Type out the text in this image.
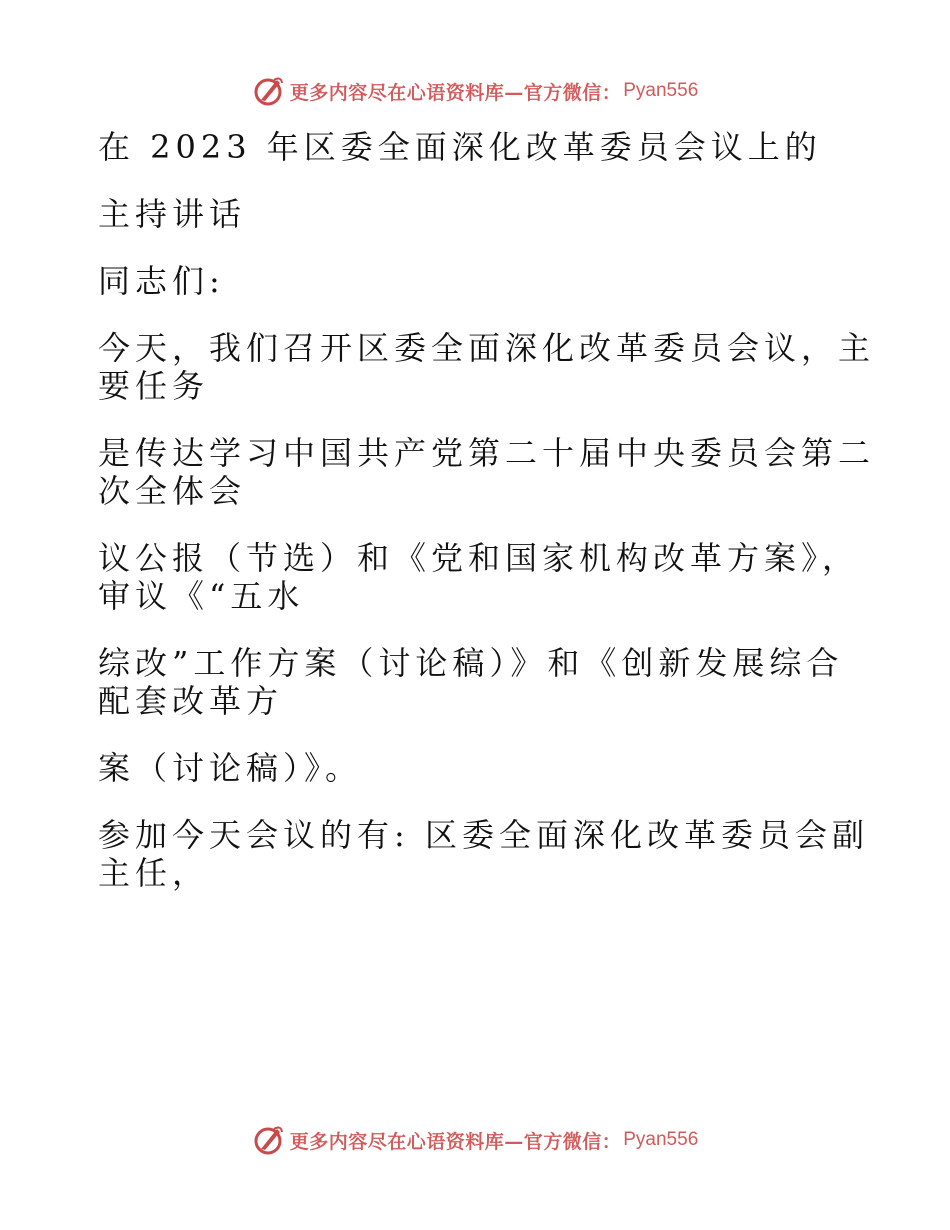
更多内容尽在心语资料库—官方微信： Pyan556

在 2023 年区委全面深化改革委员会议上的

主持讲话

同志们:

今天，我们召开区委全面深化改革委员会议，主
要任务
是传达学习中国共产党第二十届中央委员会第二
次全体会
议公报（节选）和《党和国家机构改革方案》，
审议《“五水
综改”工作方案（讨论稿）》和《创新发展综合
配套改革方
案（讨论稿）》。
参加今天会议的有: 区委全面深化改革委员会副
主任，
更多内容尽在心语资料库—官方微信： Pyan556
